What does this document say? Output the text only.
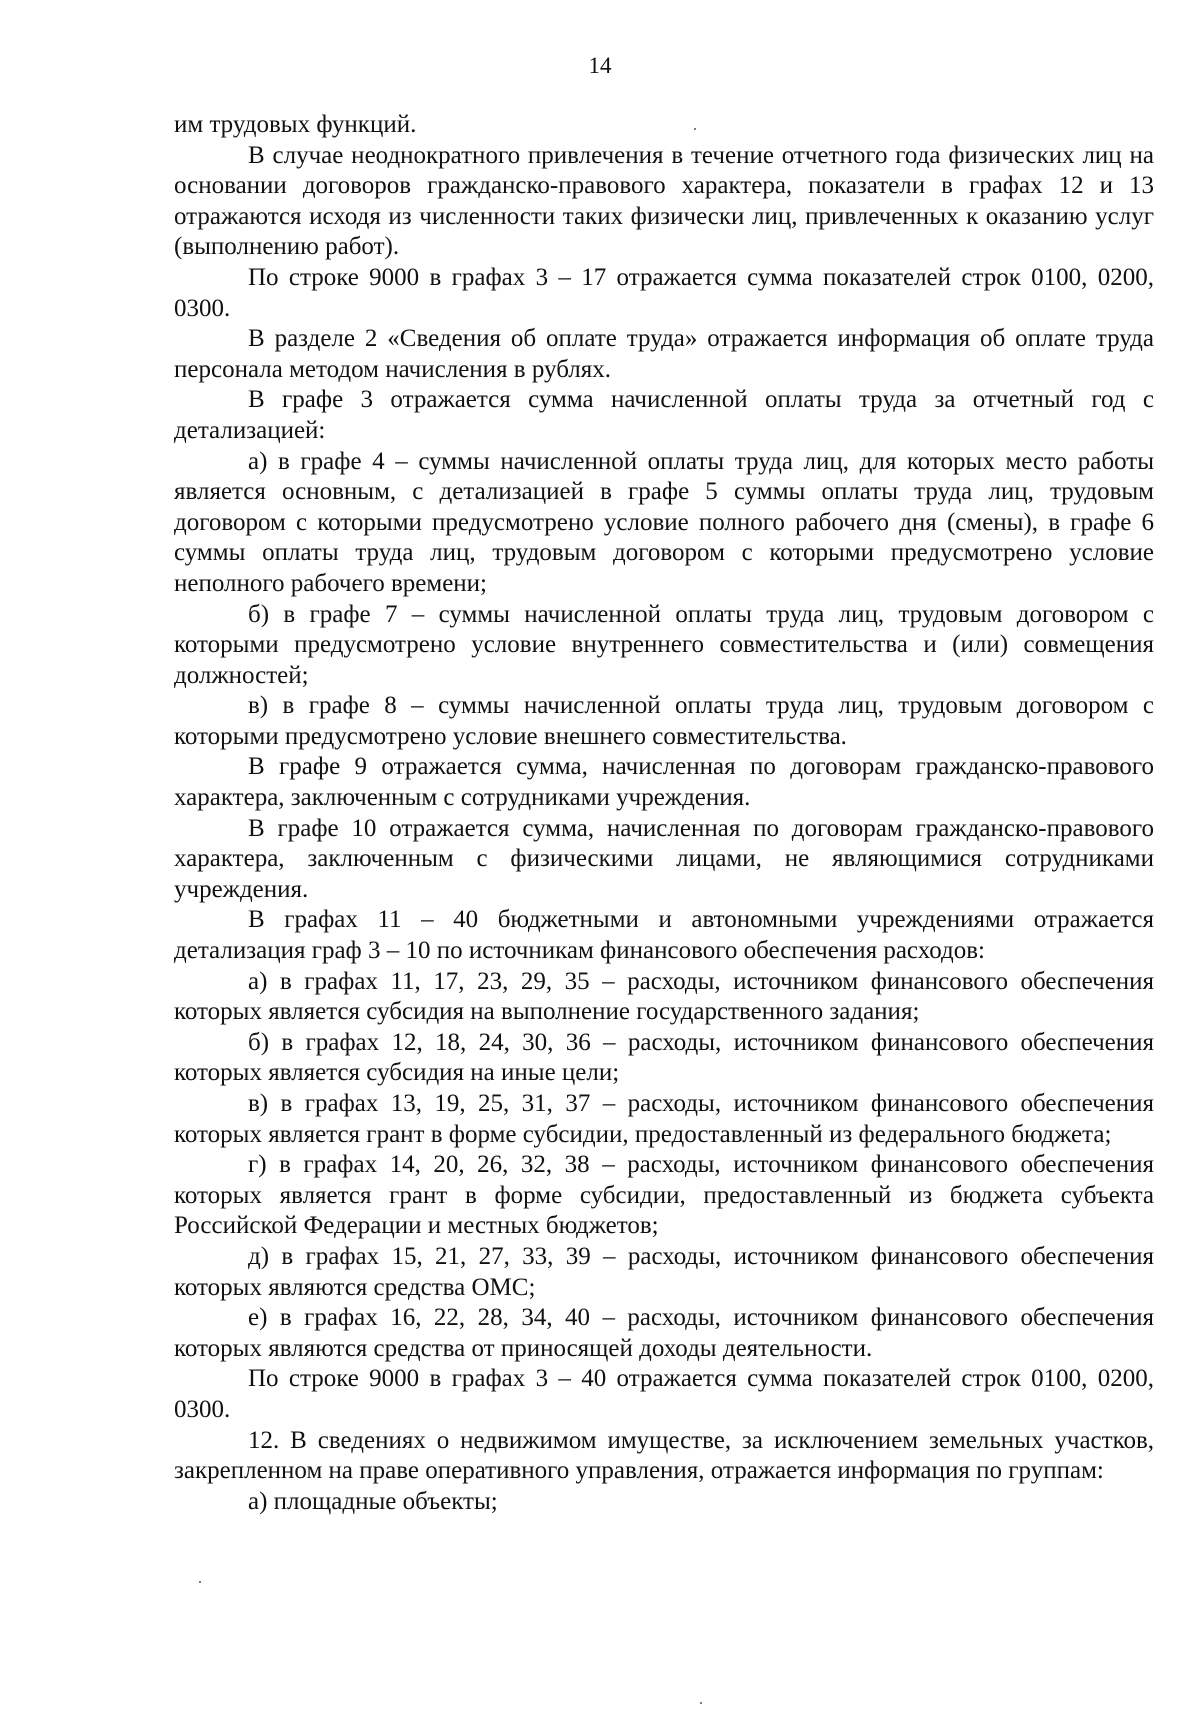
14

им трудовых функций.

В случае неоднократного привлечения в течение отчетного года физических лиц на основании договоров гражданско-правового характера, показатели в графах 12 и 13 отражаются исходя из численности таких физически лиц, привлеченных к оказанию услуг (выполнению работ).

По строке 9000 в графах 3 – 17 отражается сумма показателей строк 0100, 0200, 0300.

В разделе 2 «Сведения об оплате труда» отражается информация об оплате труда персонала методом начисления в рублях.

В графе 3 отражается сумма начисленной оплаты труда за отчетный год с детализацией:

а) в графе 4 – суммы начисленной оплаты труда лиц, для которых место работы является основным, с детализацией в графе 5 суммы оплаты труда лиц, трудовым договором с которыми предусмотрено условие полного рабочего дня (смены), в графе 6 суммы оплаты труда лиц, трудовым договором с которыми предусмотрено условие неполного рабочего времени;

б) в графе 7 – суммы начисленной оплаты труда лиц, трудовым договором с которыми предусмотрено условие внутреннего совместительства и (или) совмещения должностей;

в) в графе 8 – суммы начисленной оплаты труда лиц, трудовым договором с которыми предусмотрено условие внешнего совместительства.

В графе 9 отражается сумма, начисленная по договорам гражданско-правового характера, заключенным с сотрудниками учреждения.

В графе 10 отражается сумма, начисленная по договорам гражданско-правового характера, заключенным с физическими лицами, не являющимися сотрудниками учреждения.

В графах 11 – 40 бюджетными и автономными учреждениями отражается детализация граф 3 – 10 по источникам финансового обеспечения расходов:

а) в графах 11, 17, 23, 29, 35 – расходы, источником финансового обеспечения которых является субсидия на выполнение государственного задания;

б) в графах 12, 18, 24, 30, 36 – расходы, источником финансового обеспечения которых является субсидия на иные цели;

в) в графах 13, 19, 25, 31, 37 – расходы, источником финансового обеспечения которых является грант в форме субсидии, предоставленный из федерального бюджета;

г) в графах 14, 20, 26, 32, 38 – расходы, источником финансового обеспечения которых является грант в форме субсидии, предоставленный из бюджета субъекта Российской Федерации и местных бюджетов;

д) в графах 15, 21, 27, 33, 39 – расходы, источником финансового обеспечения которых являются средства ОМС;

е) в графах 16, 22, 28, 34, 40 – расходы, источником финансового обеспечения которых являются средства от приносящей доходы деятельности.

По строке 9000 в графах 3 – 40 отражается сумма показателей строк 0100, 0200, 0300.

12. В сведениях о недвижимом имуществе, за исключением земельных участков, закрепленном на праве оперативного управления, отражается информация по группам:

а) площадные объекты;
